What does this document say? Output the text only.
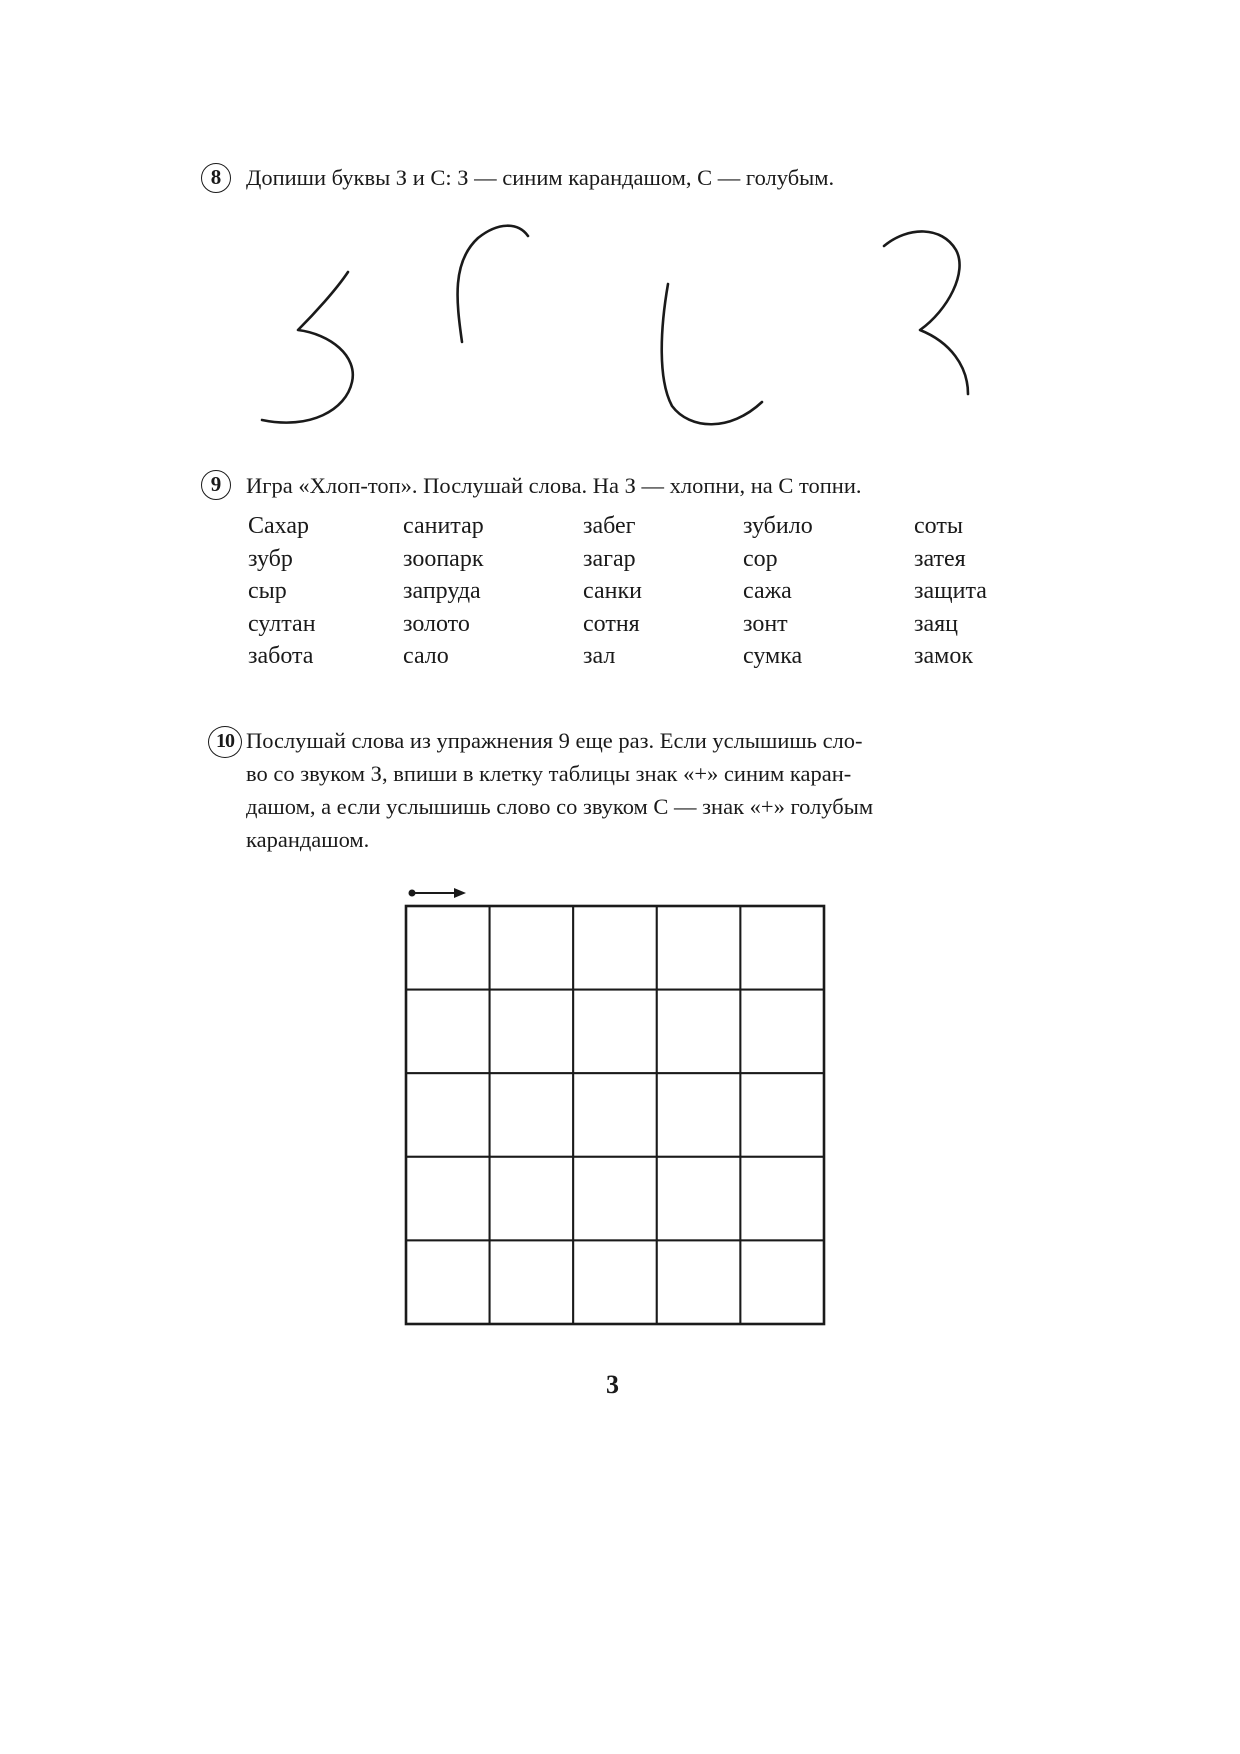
8	Допиши буквы З и С: З — синим карандашом, С — голубым.
9	Игра «Хлоп-топ». Послушай слова. На З — хлопни, на С топни.
Сахар
зубр
сыр
султан
забота
санитар
зоопарк
запруда
золото
сало
забег
загар
санки
сотня
зал
зубило
сор
сажа
зонт
сумка
соты
затея
защита
заяц
замок
10 Послушай слова из упражнения 9 еще раз. Если услышишь сло-
во со звуком З, впиши в клетку таблицы знак «+» синим каран-
дашом, а если услышишь слово со звуком С — знак «+» голубым
карандашом.
3
